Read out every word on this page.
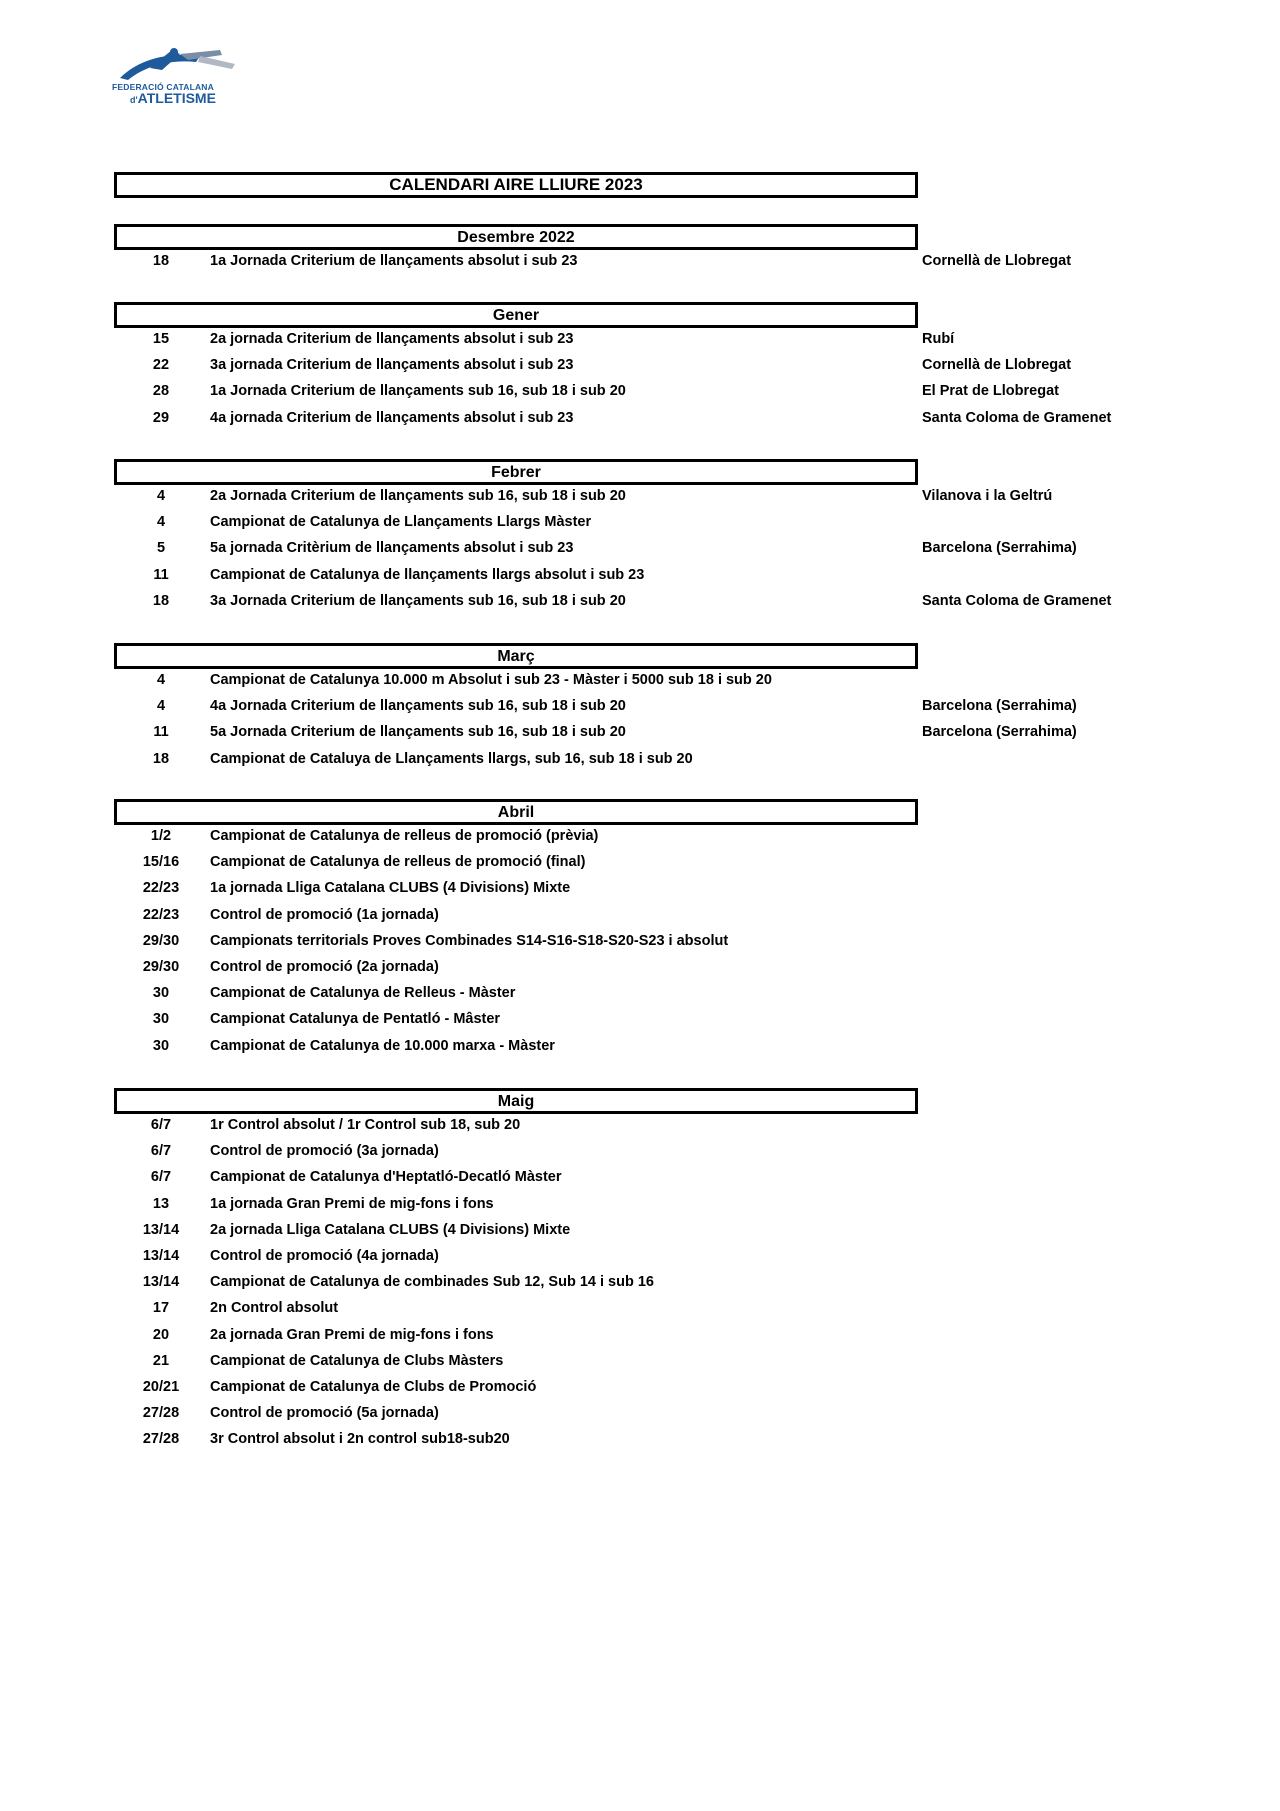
FEDERACIÓ CATALANA
d'ATLETISME
CALENDARI AIRE LLIURE 2023
Desembre 2022
18	1a Jornada Criterium de llançaments absolut i sub 23	Cornellà de Llobregat
Gener
15	2a jornada Criterium de llançaments absolut i sub 23	Rubí
22	3a jornada Criterium de llançaments absolut i sub 23	Cornellà de Llobregat
28	1a Jornada Criterium de llançaments sub 16, sub 18 i sub 20	El Prat de Llobregat
29	4a jornada Criterium de llançaments absolut i sub 23	Santa Coloma de Gramenet
Febrer
4	2a Jornada Criterium de llançaments sub 16, sub 18 i sub 20	Vilanova i la Geltrú
4	Campionat de Catalunya de Llançaments Llargs Màster
5	5a jornada Critèrium de llançaments absolut i sub 23	Barcelona (Serrahima)
11	Campionat de Catalunya de llançaments llargs absolut i sub 23
18	3a Jornada Criterium de llançaments sub 16, sub 18 i sub 20	Santa Coloma de Gramenet
Març
4	Campionat de Catalunya 10.000 m Absolut i sub 23 - Màster i 5000 sub 18 i sub 20
4	4a Jornada Criterium de llançaments sub 16, sub 18 i sub 20	Barcelona (Serrahima)
11	5a Jornada Criterium de llançaments sub 16, sub 18 i sub 20	Barcelona (Serrahima)
18	Campionat de Cataluya de Llançaments llargs, sub 16, sub 18 i sub 20
Abril
1/2	Campionat de Catalunya de relleus de promoció (prèvia)
15/16	Campionat de Catalunya de relleus de promoció (final)
22/23	1a jornada Lliga Catalana CLUBS (4 Divisions) Mixte
22/23	Control de promoció (1a jornada)
29/30	Campionats territorials Proves Combinades S14-S16-S18-S20-S23 i absolut
29/30	Control de promoció (2a jornada)
30	Campionat de Catalunya de Relleus - Màster
30	Campionat Catalunya de Pentatló - Mâster
30	Campionat de Catalunya de 10.000 marxa - Màster
Maig
6/7	1r Control absolut / 1r Control sub 18, sub 20
6/7	Control de promoció (3a jornada)
6/7	Campionat de Catalunya d'Heptatló-Decatló Màster
13	1a jornada Gran Premi de mig-fons i fons
13/14	2a jornada Lliga Catalana CLUBS (4 Divisions) Mixte
13/14	Control de promoció (4a jornada)
13/14	Campionat de Catalunya de combinades Sub 12, Sub 14 i sub 16
17	2n Control absolut
20	2a jornada Gran Premi de mig-fons i fons
21	Campionat de Catalunya de Clubs Màsters
20/21	Campionat de Catalunya de Clubs de Promoció
27/28	Control de promoció (5a jornada)
27/28	3r Control absolut i 2n control sub18-sub20
